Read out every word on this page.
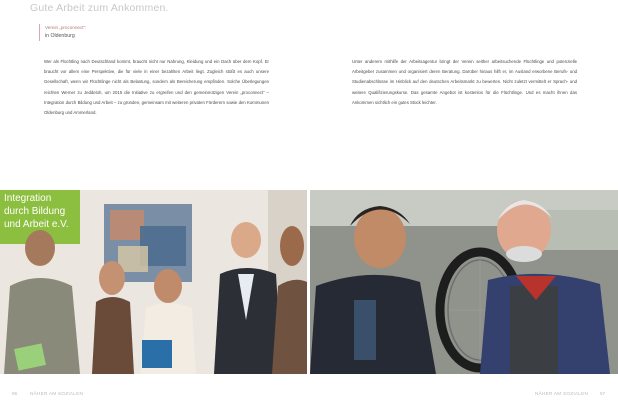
Gute Arbeit zum Ankommen.
Verein „proconnect“:
in Oldenburg
Wer als Flüchtling nach Deutschland kommt, braucht nicht nur Nahrung, Kleidung und ein Dach über dem Kopf. Er braucht vor allem eine Perspektive, die für viele in einer bezahlten Arbeit liegt. Zugleich stößt es auch unsere Gesellschaft, wenn wir Flüchtlinge nicht als Belastung, sondern als Bereicherung empfinden. Solche Überlegungen reichten Werner zu Jeddeloh, um 2015 die Initiative zu ergreifen und den gemeinnützigen Verein „proconnect“ – Integration durch Bildung und Arbeit – zu gründen, gemeinsam mit weiteren privaten Förderern sowie den Kommunen Oldenburg und Ammerland.
Unter anderem mithilfe der Arbeitsagentur bringt der Verein seither arbeitsuchende Flüchtlinge und potenzielle Arbeitgeber zusammen und organisiert deren Beratung. Darüber hinaus hilft er, im Ausland erworbene Berufs- und Studienabschlüsse im Hinblick auf den deutschen Arbeitsmarkt zu bewerten. Nicht zuletzt vermittelt er Sprach- und weitere Qualifizierungskurse. Das gesamte Angebot ist kostenlos für die Flüchtlinge. Und es macht ihnen das Ankommen sichtlich ein gutes Stück leichter.
Integration
durch Bildung
und Arbeit e.V.
56	NÄHER AM SOZIALEN	NÄHER AM SOZIALEN	57
